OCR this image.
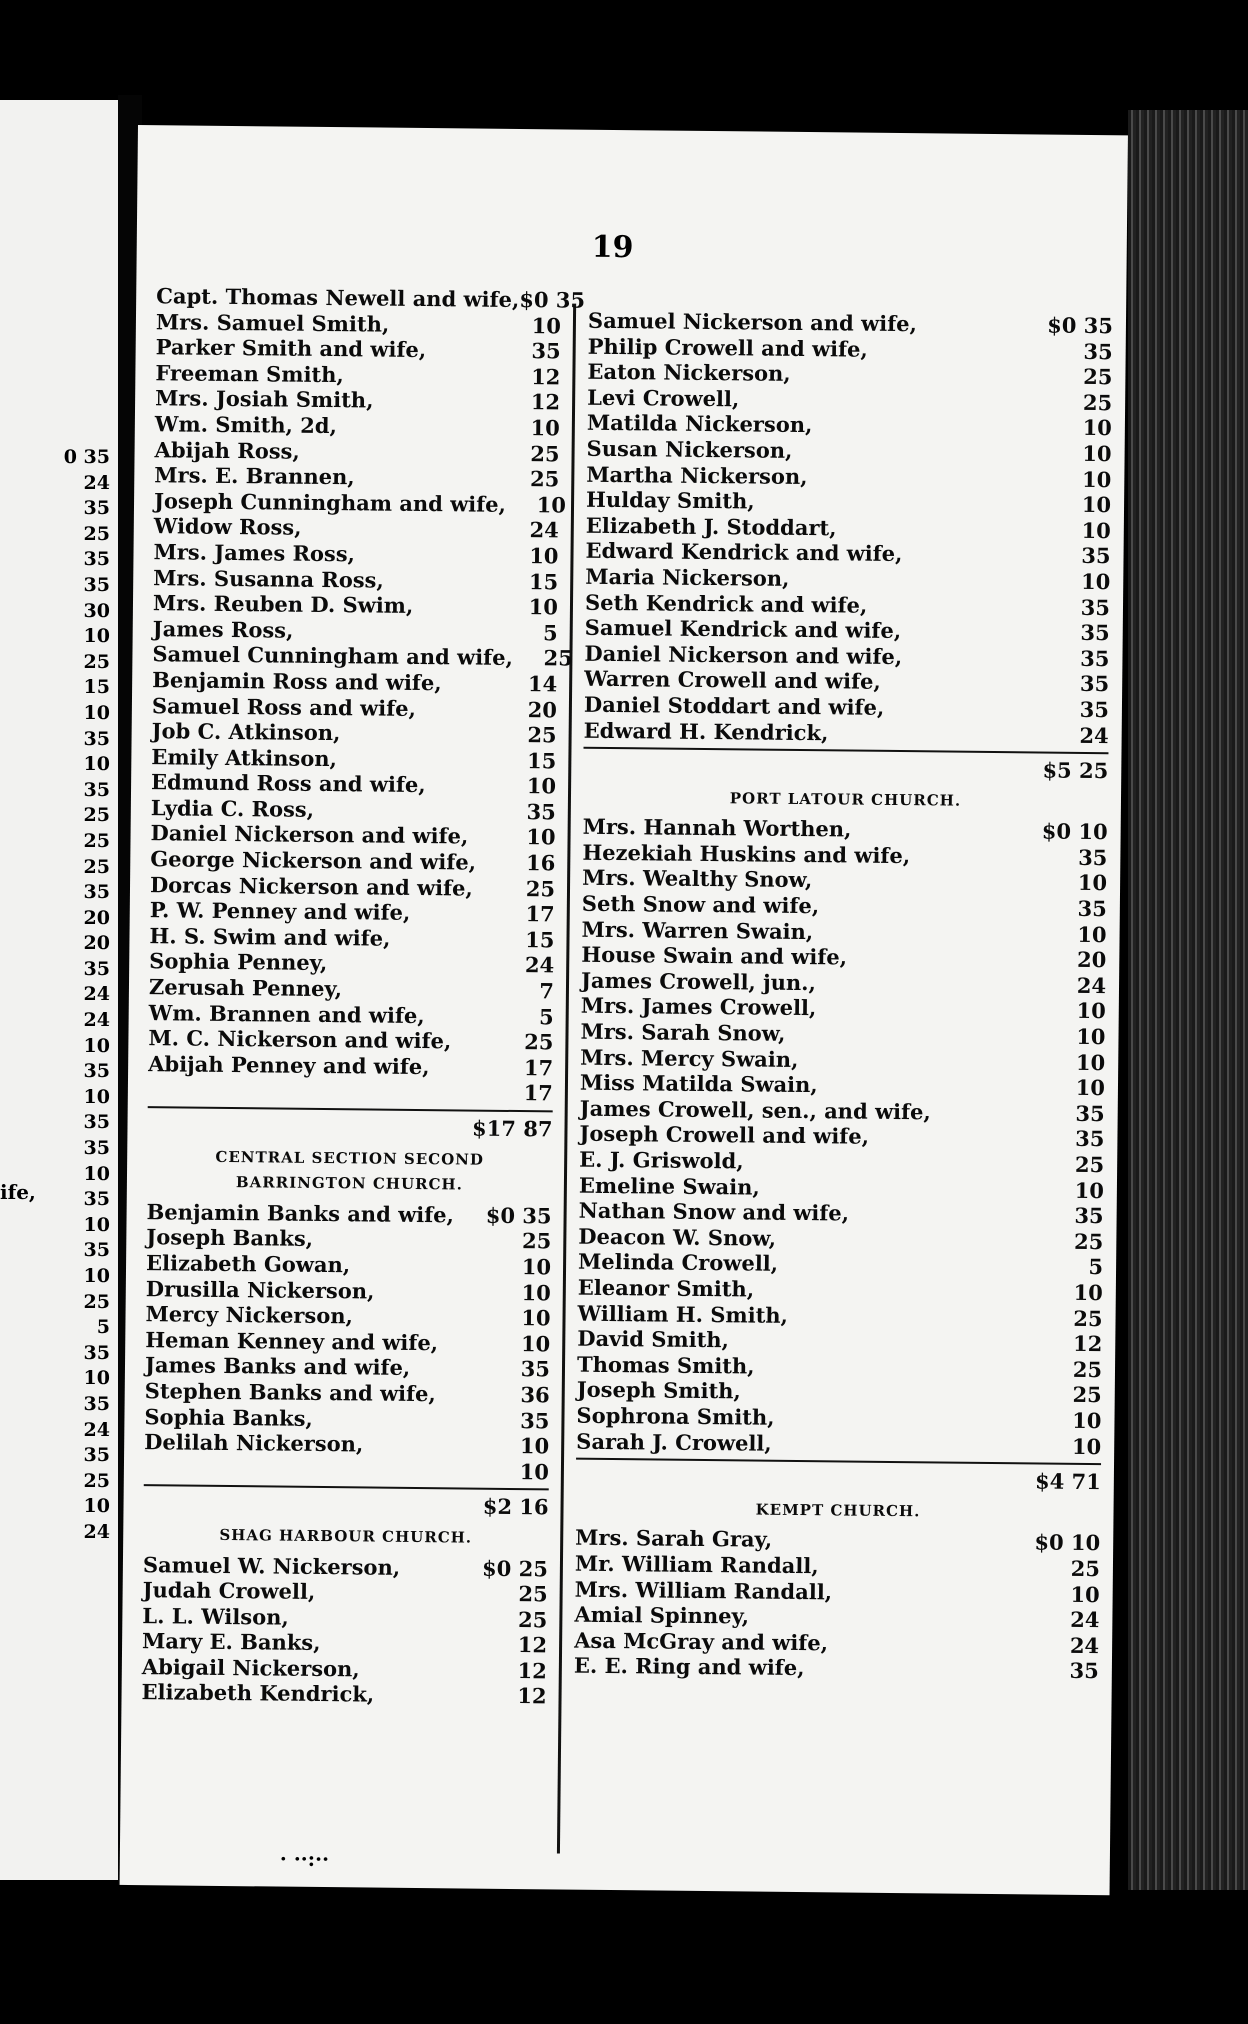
0 35
24
35
25
35
35
30
10
25
15
10
35
10
35
25
25
25
35
20
20
35
24
24
10
35
10
35
35
10
35
10
35
10
25
5
35
10
35
24
35
25
10
24
ife,
19
Capt. Thomas Newell and wife, $0 35
Mrs. Samuel Smith,	10
Parker Smith and wife,	35
Freeman Smith,	12
Mrs. Josiah Smith,	12
Wm. Smith, 2d,	10
Abijah Ross,	25
Mrs. E. Brannen,	25
Joseph Cunningham and wife,	10
Widow Ross,	24
Mrs. James Ross,	10
Mrs. Susanna Ross,	15
Mrs. Reuben D. Swim,	10
James Ross,	5
Samuel Cunningham and wife,	25
Benjamin Ross and wife,	14
Samuel Ross and wife,	20
Job C. Atkinson,	25
Emily Atkinson,	15
Edmund Ross and wife,	10
Lydia C. Ross,	35
Daniel Nickerson and wife,	10
George Nickerson and wife,	16
Dorcas Nickerson and wife,	25
P. W. Penney and wife,	17
H. S. Swim and wife,	15
Sophia Penney,	24
Zerusah Penney,	7
Wm. Brannen and wife,	5
M. C. Nickerson and wife,	25
Abijah Penney and wife,	17
17
$17 87
CENTRAL SECTION SECOND BARRINGTON CHURCH.
Benjamin Banks and wife, $0 35
Joseph Banks,	25
Elizabeth Gowan,	10
Drusilla Nickerson,	10
Mercy Nickerson,	10
Heman Kenney and wife,	10
James Banks and wife,	35
Stephen Banks and wife,	36
Sophia Banks,	35
Delilah Nickerson,	10
10
$2 16
SHAG HARBOUR CHURCH.
Samuel W. Nickerson,	$0 25
Judah Crowell,	25
L. L. Wilson,	25
Mary E. Banks,	12
Abigail Nickerson,	12
Elizabeth Kendrick,	12
Samuel Nickerson and wife,	$0 35
Philip Crowell and wife,	35
Eaton Nickerson,	25
Levi Crowell,	25
Matilda Nickerson,	10
Susan Nickerson,	10
Martha Nickerson,	10
Hulday Smith,	10
Elizabeth J. Stoddart,	10
Edward Kendrick and wife,	35
Maria Nickerson,	10
Seth Kendrick and wife,	35
Samuel Kendrick and wife,	35
Daniel Nickerson and wife,	35
Warren Crowell and wife,	35
Daniel Stoddart and wife,	35
Edward H. Kendrick,	24
$5 25
PORT LATOUR CHURCH.
Mrs. Hannah Worthen,	$0 10
Hezekiah Huskins and wife,	35
Mrs. Wealthy Snow,	10
Seth Snow and wife,	35
Mrs. Warren Swain,	10
House Swain and wife,	20
James Crowell, jun.,	24
Mrs. James Crowell,	10
Mrs. Sarah Snow,	10
Mrs. Mercy Swain,	10
Miss Matilda Swain,	10
James Crowell, sen., and wife,	35
Joseph Crowell and wife,	35
E. J. Griswold,	25
Emeline Swain,	10
Nathan Snow and wife,	35
Deacon W. Snow,	25
Melinda Crowell,	5
Eleanor Smith,	10
William H. Smith,	25
David Smith,	12
Thomas Smith,	25
Joseph Smith,	25
Sophrona Smith,	10
Sarah J. Crowell,	10
$4 71
KEMPT CHURCH.
Mrs. Sarah Gray,	$0 10
Mr. William Randall,	25
Mrs. William Randall,	10
Amial Spinney,	24
Asa McGray and wife,	24
E. E. Ring and wife,	35
· ··:··
